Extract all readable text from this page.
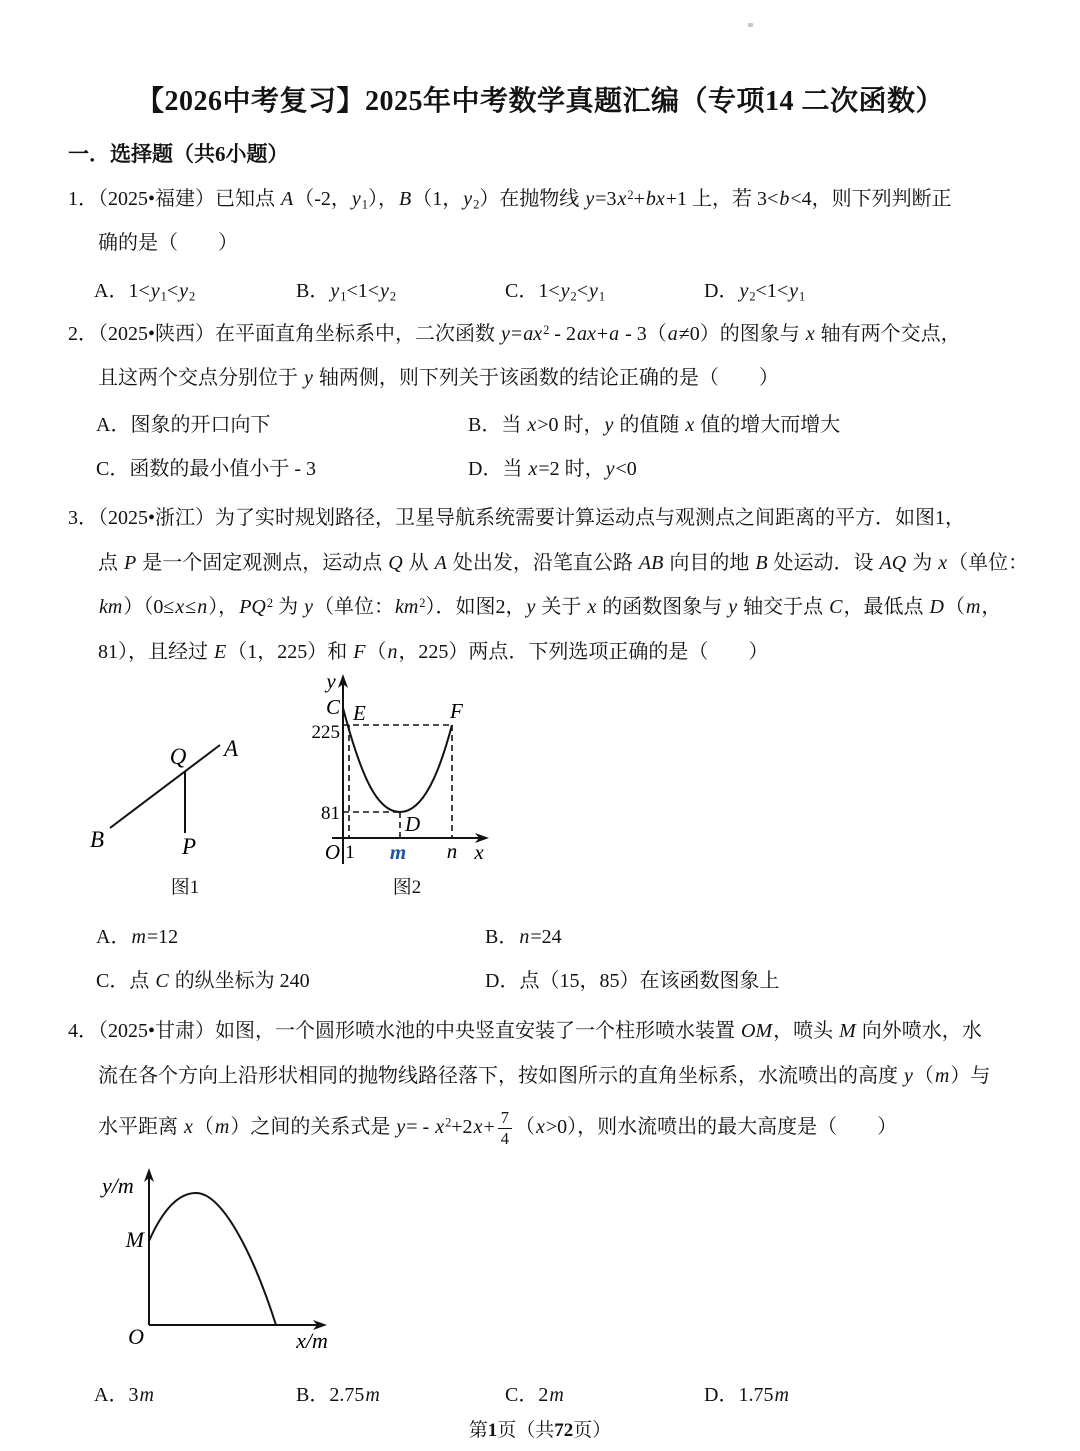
【2026中考复习】2025年中考数学真题汇编（专项14 二次函数）
一．选择题（共6小题）
1．（2025•福建）已知点 A（-2，$y_1$），B（1，$y_2$）在抛物线 $y=3x^2+bx+1$ 上，若 3<b<4，则下列判断正
确的是（　　）
A．$1<y_1<y_2$	B．$y_1<1<y_2$	C．$1<y_2<y_1$	D．$y_2<1<y_1$
2．（2025•陕西）在平面直角坐标系中，二次函数 $y=ax^2 - 2ax+a - 3(a\ne 0)$的图象与 x 轴有两个交点，
且这两个交点分别位于 y 轴两侧，则下列关于该函数的结论正确的是（　　）
A．图象的开口向下	B．当 x>0 时，y 的值随 x 值的增大而增大
C．函数的最小值小于 - 3	D．当 x=2 时，y<0
3．（2025•浙江）为了实时规划路径，卫星导航系统需要计算运动点与观测点之间距离的平方．如图1，
点 P 是一个固定观测点，运动点 Q 从 A 处出发，沿笔直公路 AB 向目的地 B 处运动．设 AQ 为 x（单位：
km）（0≤x≤n），$PQ^2$ 为 y（单位：$km^2$）．如图2，y 关于 x 的函数图象与 y 轴交于点 C，最低点 D（m，
81），且经过 E（1，225）和 F（n，225）两点．下列选项正确的是（　　）
A
Q
B	P
y
C
225
E	F
81	D
O 1 m n x
图1	图2
A．m=12	B．n=24
C．点 C 的纵坐标为 240	D．点（15，85）在该函数图象上
4．（2025•甘肃）如图，一个圆形喷水池的中央竖直安装了一个柱形喷水装置 OM，喷头 M 向外喷水，水
流在各个方向上沿形状相同的抛物线路径落下，按如图所示的直角坐标系，水流喷出的高度 y（m）与
水平距离 x（m）之间的关系式是 $y= - x^2+2x+ \frac{7}{4} (x>0)$，则水流喷出的最大高度是（　　）
y/m
M
O	x/m
A．3m	B．2.75m	C．2m	D．1.75m
第1页（共72页）
